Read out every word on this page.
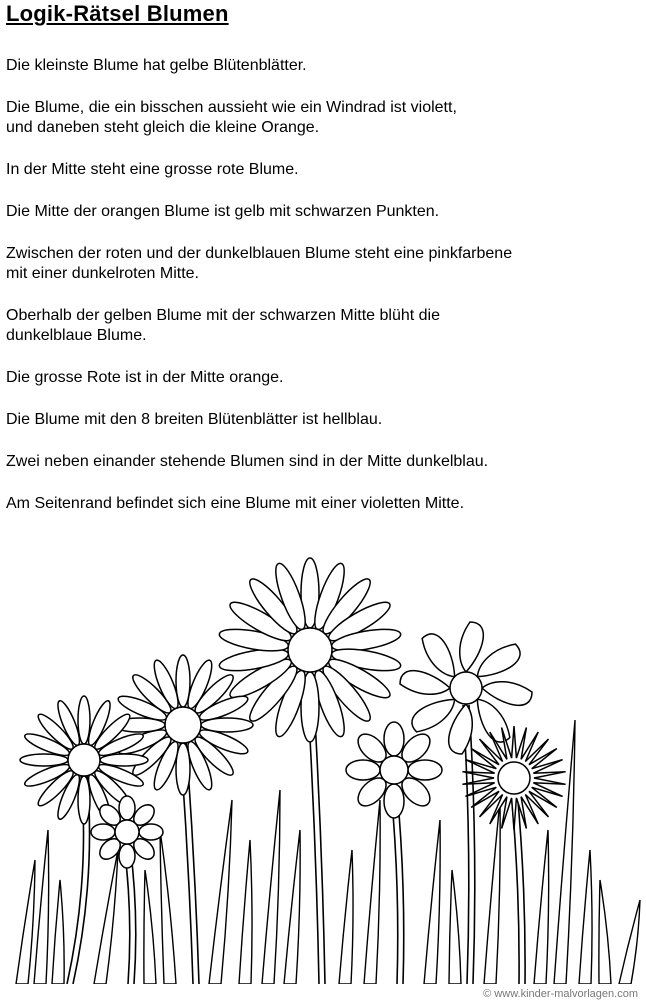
Logik-Rätsel Blumen
Die kleinste Blume hat gelbe Blütenblätter.
Die Blume, die ein bisschen aussieht wie ein Windrad ist violett,
und daneben steht gleich die kleine Orange.
In der Mitte steht eine grosse rote Blume.
Die Mitte der orangen Blume ist gelb mit schwarzen Punkten.
Zwischen der roten und der dunkelblauen Blume steht eine pinkfarbene
mit einer dunkelroten Mitte.
Oberhalb der gelben Blume mit der schwarzen Mitte blüht die
dunkelblaue Blume.
Die grosse Rote ist in der Mitte orange.
Die Blume mit den 8 breiten Blütenblätter ist hellblau.
Zwei neben einander stehende Blumen sind in der Mitte dunkelblau.
Am Seitenrand befindet sich eine Blume mit einer violetten Mitte.
© www.kinder-malvorlagen.com
